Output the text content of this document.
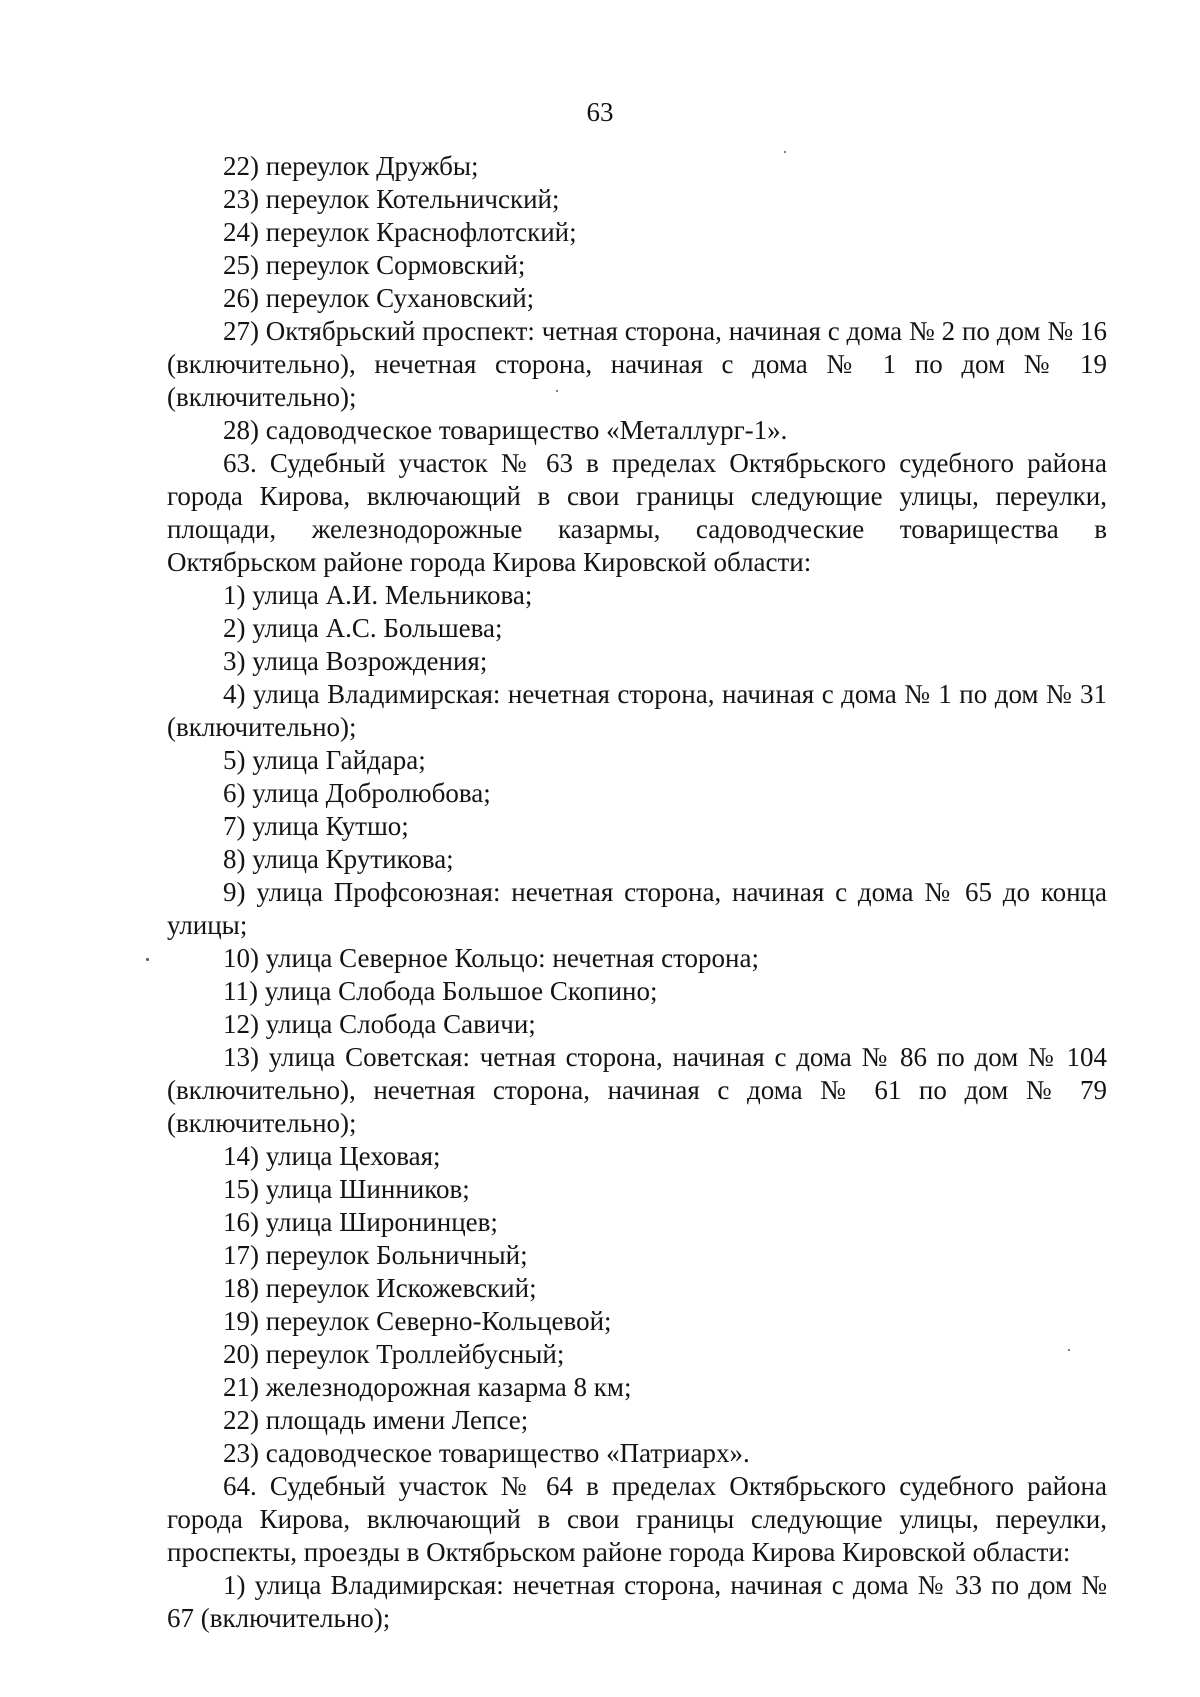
63

22) переулок Дружбы;

23) переулок Котельничский;

24) переулок Краснофлотский;

25) переулок Сормовский;

26) переулок Сухановский;

27) Октябрьский проспект: четная сторона, начиная с дома № 2 по дом № 16 (включительно), нечетная сторона, начиная с дома № 1 по дом № 19 (включительно);

28) садоводческое товарищество «Металлург-1».

63. Судебный участок № 63 в пределах Октябрьского судебного района города Кирова, включающий в свои границы следующие улицы, переулки, площади, железнодорожные казармы, садоводческие товарищества в Октябрьском районе города Кирова Кировской области:

1) улица А.И. Мельникова;

2) улица А.С. Большева;

3) улица Возрождения;

4) улица Владимирская: нечетная сторона, начиная с дома № 1 по дом № 31 (включительно);

5) улица Гайдара;

6) улица Добролюбова;

7) улица Кутшо;

8) улица Крутикова;

9) улица Профсоюзная: нечетная сторона, начиная с дома № 65 до конца улицы;

10) улица Северное Кольцо: нечетная сторона;

11) улица Слобода Большое Скопино;

12) улица Слобода Савичи;

13) улица Советская: четная сторона, начиная с дома № 86 по дом № 104 (включительно), нечетная сторона, начиная с дома № 61 по дом № 79 (включительно);

14) улица Цеховая;

15) улица Шинников;

16) улица Широнинцев;

17) переулок Больничный;

18) переулок Искожевский;

19) переулок Северно-Кольцевой;

20) переулок Троллейбусный;

21) железнодорожная казарма 8 км;

22) площадь имени Лепсе;

23) садоводческое товарищество «Патриарх».

64. Судебный участок № 64 в пределах Октябрьского судебного района города Кирова, включающий в свои границы следующие улицы, переулки, проспекты, проезды в Октябрьском районе города Кирова Кировской области:

1) улица Владимирская: нечетная сторона, начиная с дома № 33 по дом № 67 (включительно);
